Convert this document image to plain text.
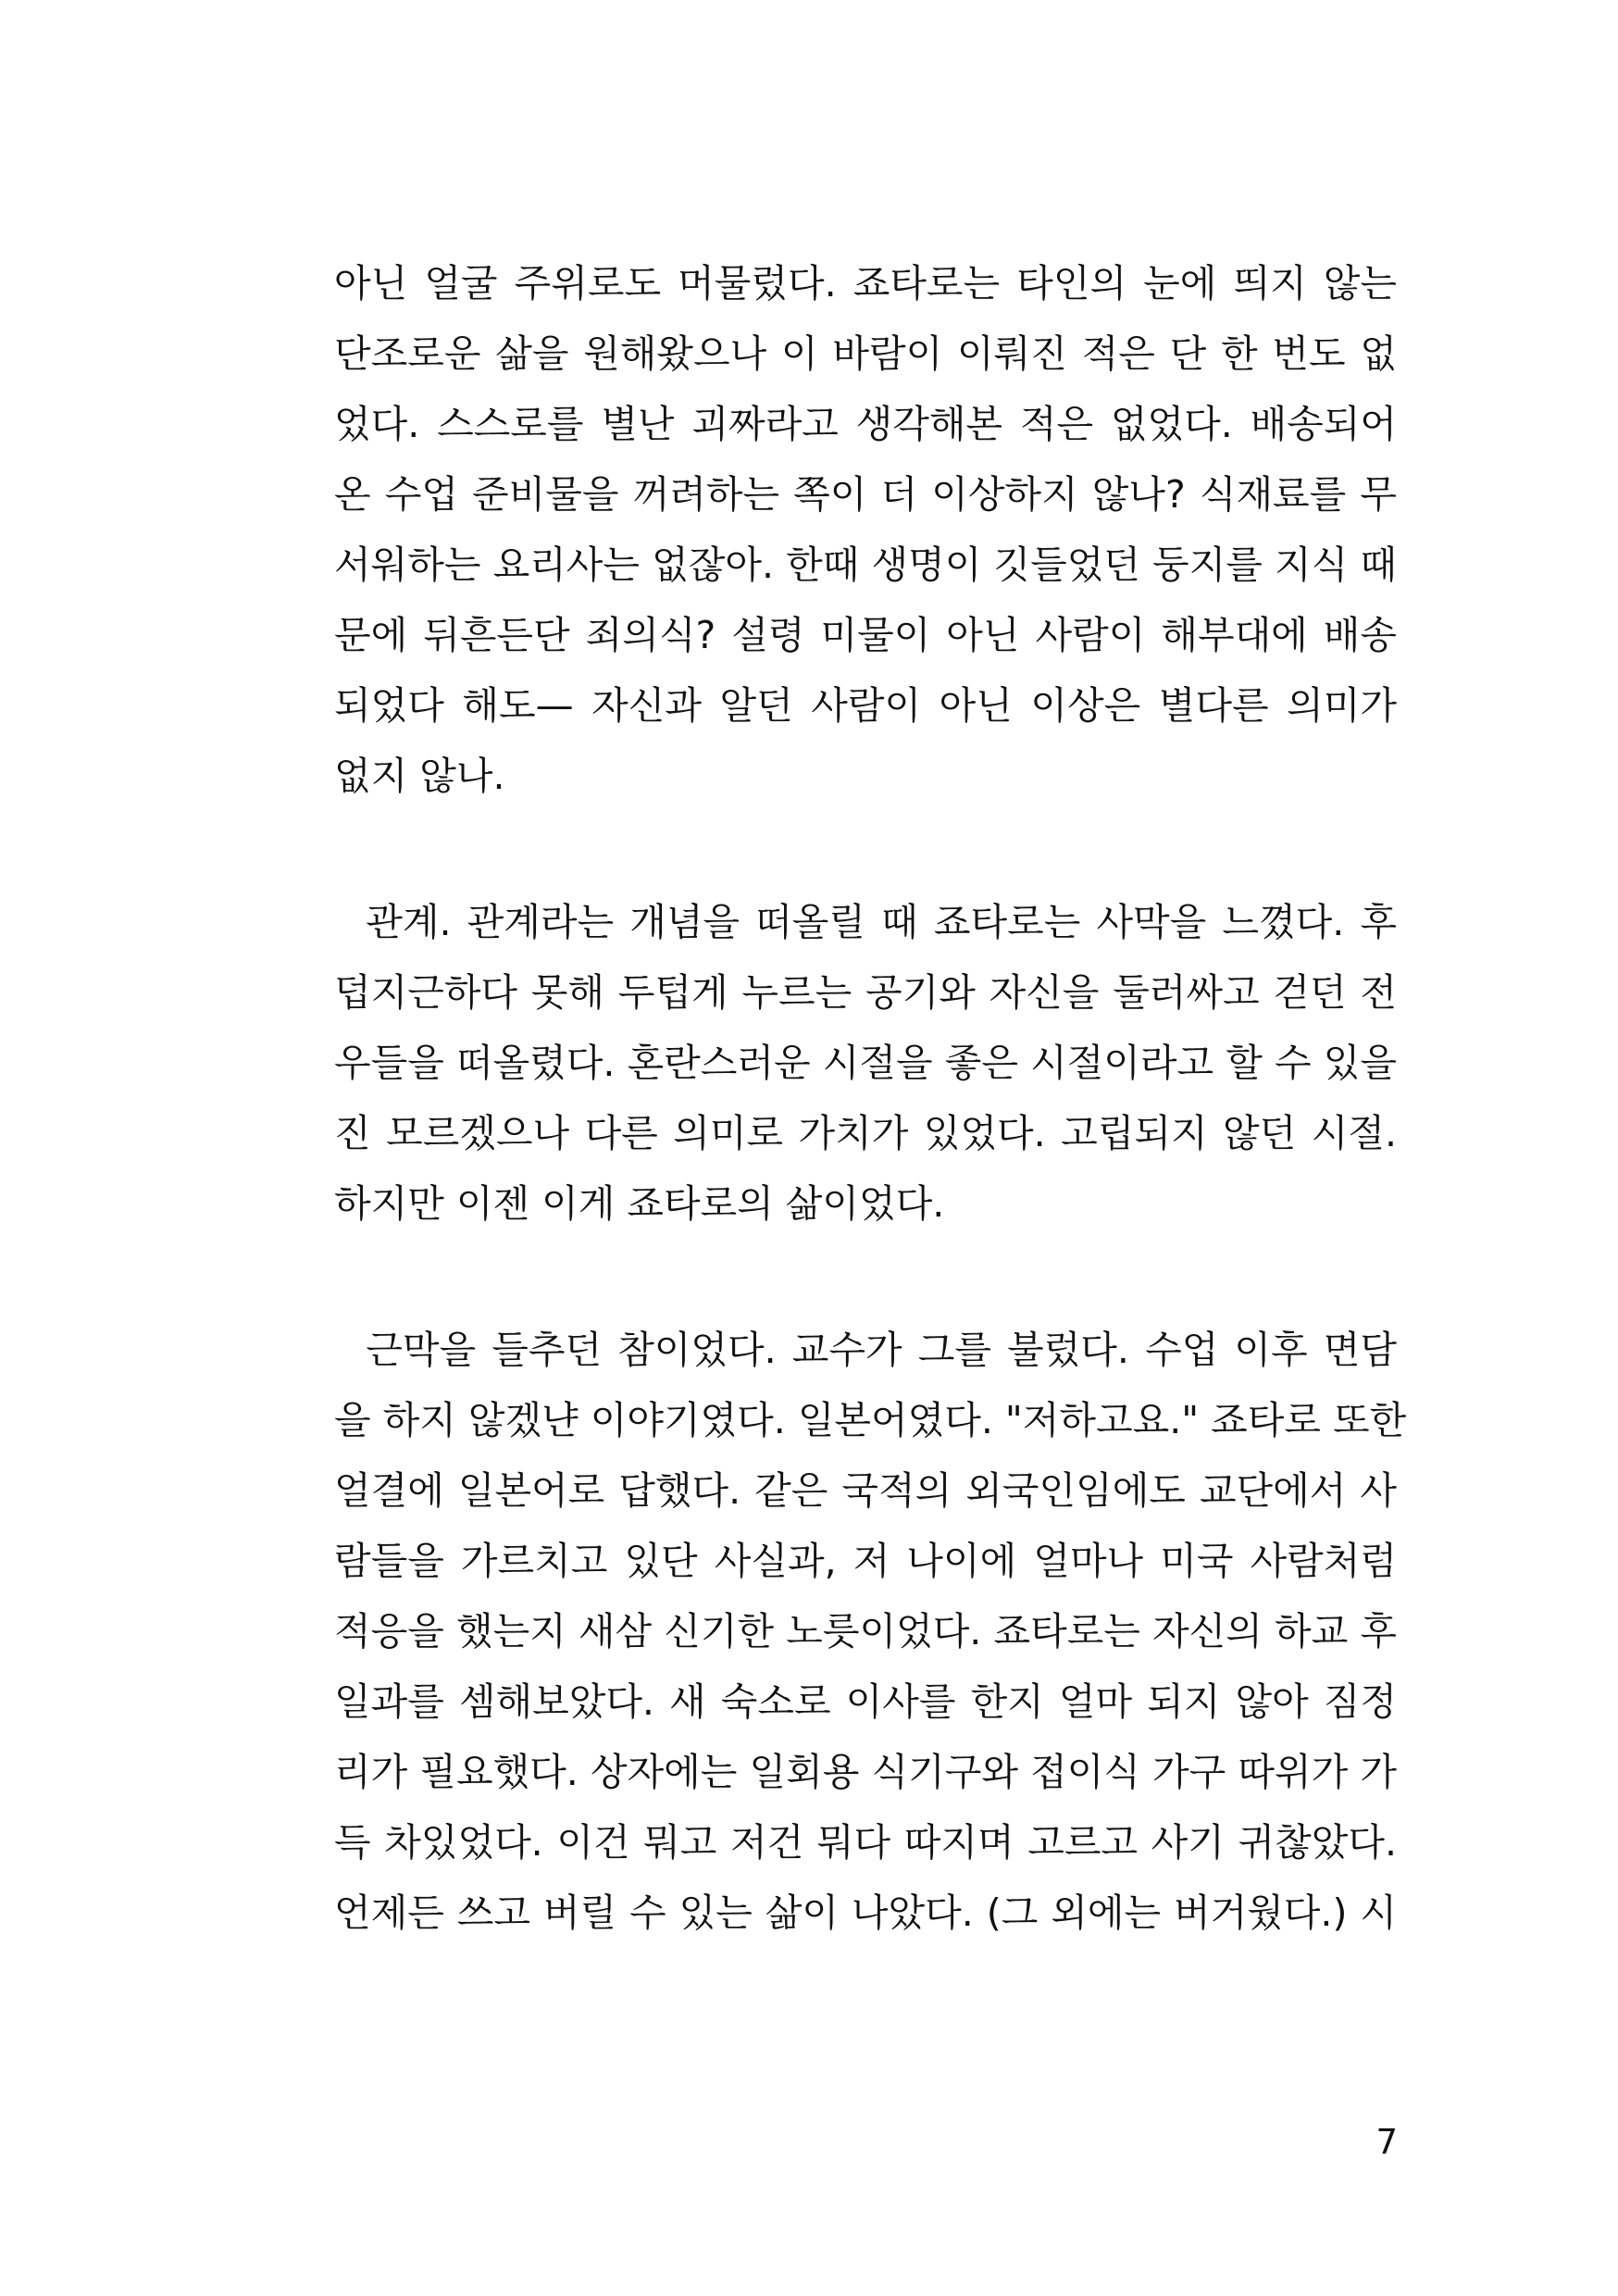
아닌 얼굴 주위로도 머물렀다. 죠타로는 타인의 눈에 띄지 않는
단조로운 삶을 원해왔으나 이 바람이 이뤄진 적은 단 한 번도 없
었다. 스스로를 별난 괴짜라고 생각해본 적은 없었다. 배송되어
온 수업 준비물을 꺼려하는 쪽이 더 이상하지 않나? 식재료를 무
서워하는 요리사는 없잖아. 한때 생명이 깃들었던 둥지를 지식 때
문에 뒤흔든단 죄의식? 설령 미물이 아닌 사람이 해부대에 배송
되었다 해도— 자신과 알던 사람이 아닌 이상은 별다른 의미가
없지 않나.
관계. 관계라는 개념을 떠올릴 때 죠타로는 사막을 느꼈다. 후
덥지근하다 못해 두텁게 누르는 공기와 자신을 둘러싸고 걷던 전
우들을 떠올렸다. 혼란스러운 시절을 좋은 시절이라고 할 수 있을
진 모르겠으나 다른 의미로 가치가 있었다. 고립되지 않던 시절.
하지만 이젠 이게 죠타로의 삶이었다.
근막을 들추던 참이었다. 교수가 그를 불렀다. 수업 이후 면담
을 하지 않겠냔 이야기였다. 일본어였다. "저하고요." 죠타로 또한
얼결에 일본어로 답했다. 같은 국적의 외국인임에도 교단에서 사
람들을 가르치고 있단 사실과, 저 나이에 얼마나 미국 사람처럼
적응을 했는지 새삼 신기한 노릇이었다. 죠타로는 자신의 하교 후
일과를 셈해보았다. 새 숙소로 이사를 한지 얼마 되지 않아 짐정
리가 필요했다. 상자에는 일회용 식기구와 접이식 가구 따위가 가
득 차있었다. 이건 뭐고 저건 뭐다 따지며 고르고 사기 귀찮았다.
언제든 쓰고 버릴 수 있는 삶이 나았다. (그 외에는 버거웠다.) 시
7
